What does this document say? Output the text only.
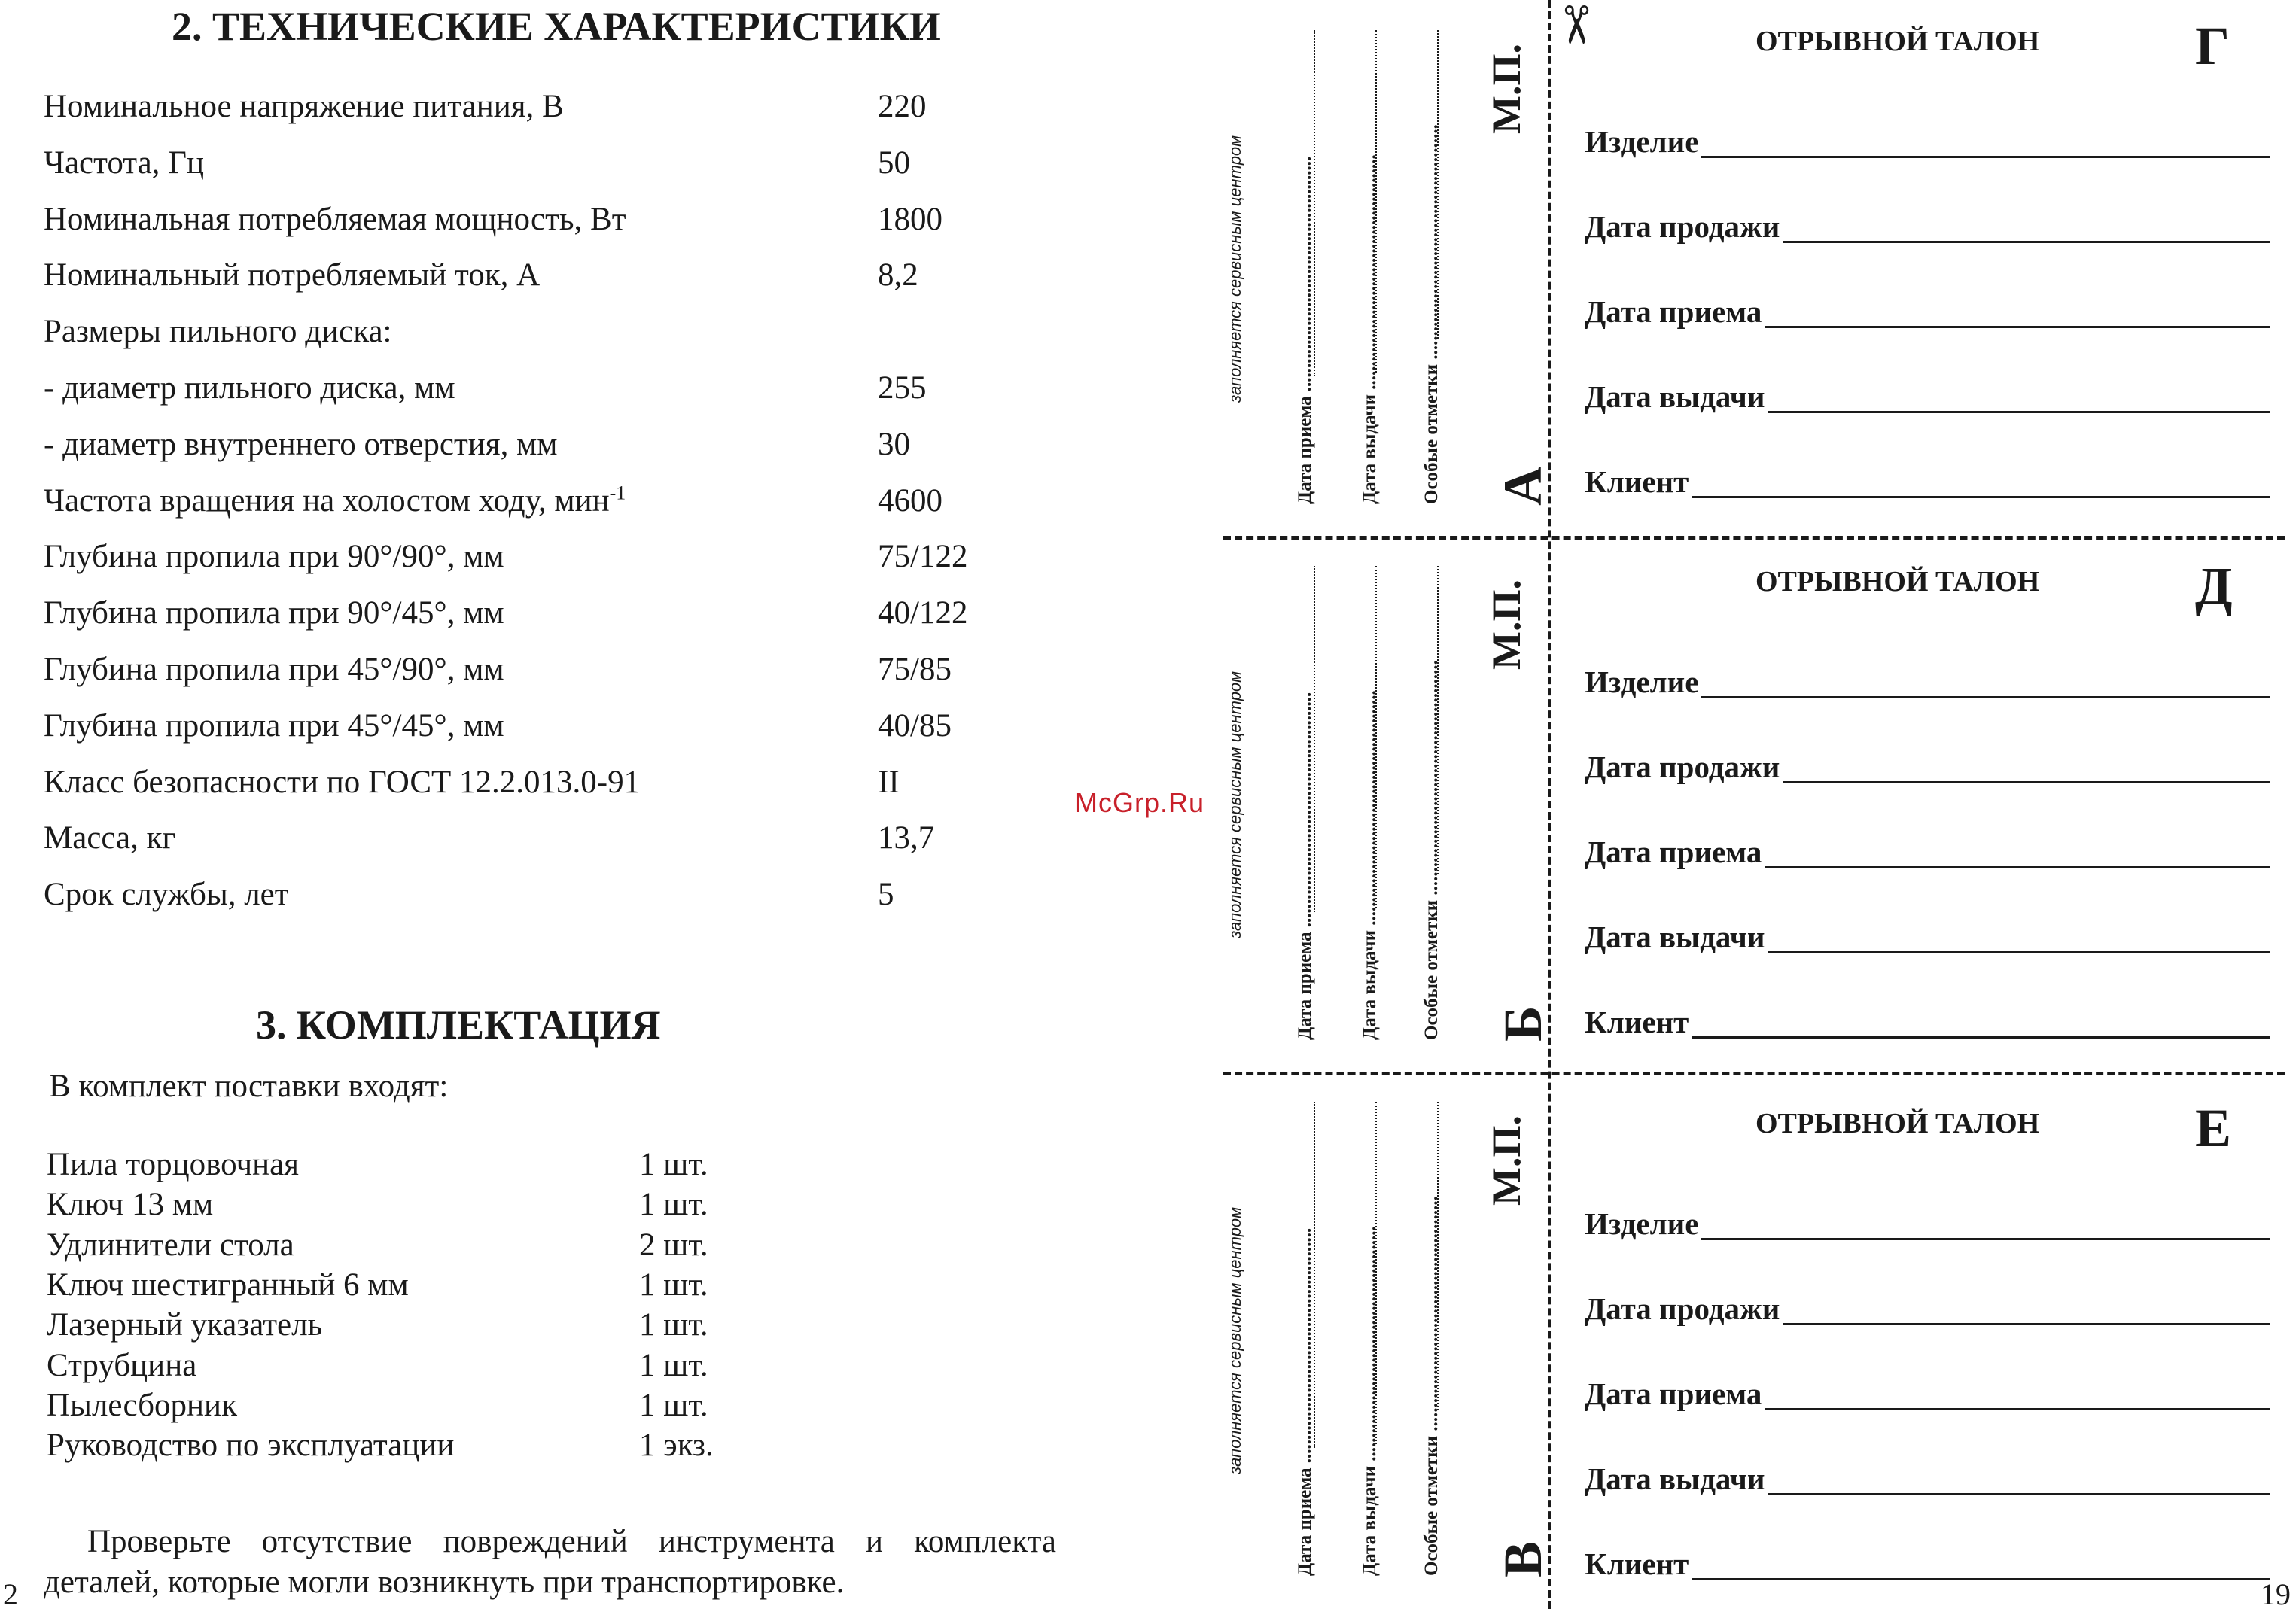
2. ТЕХНИЧЕСКИЕ ХАРАКТЕРИСТИКИ
Номинальное напряжение питания, В	220
Частота, Гц	50
Номинальная потребляемая мощность, Вт	1800
Номинальный потребляемый ток, А	8,2
Размеры пильного диска:
- диаметр пильного диска, мм	255
- диаметр внутреннего отверстия, мм	30
Частота вращения на холостом ходу, мин$^{-1}$	4600
Глубина пропила при 90°/90°, мм	75/122
Глубина пропила при 90°/45°, мм	40/122
Глубина пропила при 45°/90°, мм	75/85
Глубина пропила при 45°/45°, мм	40/85
Класс безопасности по ГОСТ 12.2.013.0-91	II
Масса, кг	13,7
Срок службы, лет	5
3. КОМПЛЕКТАЦИЯ
В комплект поставки входят:
Пила торцовочная	1 шт.
Ключ 13 мм	1 шт.
Удлинители стола	2 шт.
Ключ шестигранный 6 мм	1 шт.
Лазерный указатель	1 шт.
Струбцина	1 шт.
Пылесборник	1 шт.
Руководство по эксплуатации	1 экз.

Проверьте отсутствие повреждений инструмента и комплекта

деталей, которые могли возникнуть при транспортировке.

2
✂
заполняется сервисным центром	Дата приема .................................................. Дата выдачи .................................................. Особые отметки ..................................................
М.П.
А
заполняется сервисным центром	Дата приема .................................................. Дата выдачи .................................................. Особые отметки ..................................................
М.П.
Б
заполняется сервисным центром	Дата приема .................................................. Дата выдачи .................................................. Особые отметки ..................................................
М.П.
В
ОТРЫВНОЙ ТАЛОН	Г
Изделие
Дата продажи
Дата приема
Дата выдачи
Клиент
ОТРЫВНОЙ ТАЛОН	Д
Изделие
Дата продажи
Дата приема
Дата выдачи
Клиент
ОТРЫВНОЙ ТАЛОН	Е
Изделие
Дата продажи
Дата приема
Дата выдачи
Клиент
McGrp.Ru
19
